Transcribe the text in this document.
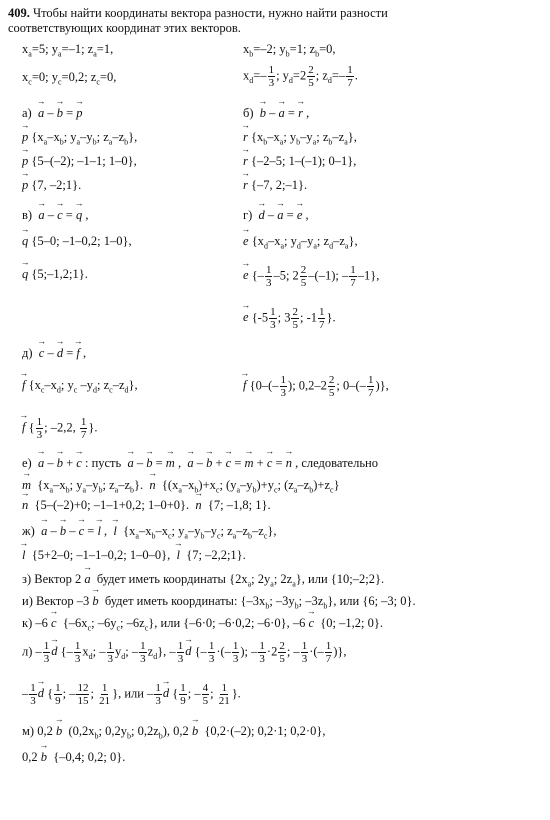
409. Чтобы найти координаты вектора разности, нужно найти разности
соответствующих координат этих векторов.
$x_a=5$; $y_a=-1$; $z_a=1$,	$x_b=-2$; $y_b=1$; $z_b=0$,
$x_c=0$; $y_c=0,2$; $z_c=0$,	$x_d=- \frac{1}{3}$ ; $y_d=2 \frac{2}{5}$ ; $z_d=- \frac{1}{7}$ .
а)  → a – → b = → p
→ p {$x_a-x_b$; $y_a-y_b$; $z_a-z_b$},
→ p {5–(–2); –1–1; 1–0},
→ p {7, –2;1}.
б)  → b – → a = → r ,
→ r {$x_b-x_a$; $y_b-y_a$; $z_b-z_a$},
→ r {–2–5; 1–(–1); 0–1},
→ r {–7, 2;–1}.
в)  → a – → c = → q ,
→ q {5–0; –1–0,2; 1–0},
→ q {5;–1,2;1}.
г)  → d – → a = → e ,
→ e {$x_d-x_a$; $y_d-y_a$; $z_d-z_a$},
→ e {– $\frac{1}{3} -5$; $2 \frac{2}{5} -(-1)$; – $\frac{1}{7} -1$},
→ e {$-5 \frac{1}{3}$ ; $3 \frac{2}{5}$ ; $-1 \frac{1}{7}$ }.
д)  → c – → d = → f ,
→ f {$x_c-x_d$; $y_c$ $-y_d$; $z_c-z_d$},	→ f {$0-(- \frac{1}{3}$ ); $0,2-2 \frac{2}{5}$ ; $0-(- \frac{1}{7}$ )},
→ f { $\frac{1}{3}$ ; –2,2, $\frac{1}{7}$ }.
е)  → a – → b + → c : пусть  → a – → b = → m ,  → a – → b + → c = → m + → c = → n , следовательно
→ m  {$x_a-x_b$; $y_a-y_b$; $z_a-z_b$}.  → n  {$(x_a-x_b)+x_c$; $(y_a-y_b)+y_c$; $(z_a-z_b)+z_c$}
→ n  {5–(–2)+0; –1–1+0,2; 1–0+0}.  → n  {7; –1,8; 1}.
ж)  → a – → b – → c = → l ,  → l  {$x_a-x_b-x_c$; $y_a-y_b-y_c$; $z_a-z_b-z_c$},
→ l  {5+2–0; –1–1–0,2; 1–0–0},  → l  {7; –2,2;1}.
з) Вектор 2 → a  будет иметь координаты {$2x_a$; $2y_a$; $2z_a$}, или {10;–2;2}.
и) Вектор –3 → b  будет иметь координаты: {$-3x_b$; $-3y_b$; $-3z_b$}, или {6; –3; 0}.
к) –6 → c  {$-6x_c$; $-6y_c$; $-6z_c$}, или {–6·0; –6·0,2; –6·0}, –6 → c  {0; –1,2; 0}.
$л) - \frac{1}{3} \to d$ {– $\frac{1}{3} x_d$; – $\frac{1}{3} y_d$; – $\frac{1}{3} z_d$}, – $\frac{1}{3} \to d$ {– $\frac{1}{3}$ ·(– $\frac{1}{3}$ ); – $\frac{1}{3} \cdot 2 \frac{2}{5}$ ; – $\frac{1}{3}$ ·(– $\frac{1}{7}$ )},
– $\frac{1}{3} \to d$ { $\frac{1}{9}$ ; – $\frac{12}{15}$ ; $\frac{1}{21}$ }, или – $\frac{1}{3} \to d$ { $\frac{1}{9}$ ; – $\frac{4}{5}$ ; $\frac{1}{21}$ }.
м) 0,2 → b  ($0,2x_b$; $0,2y_b$; $0,2z_b$), 0,2 → b  {0,2·(–2); 0,2·1; 0,2·0},
0,2 → b  {–0,4; 0,2; 0}.
